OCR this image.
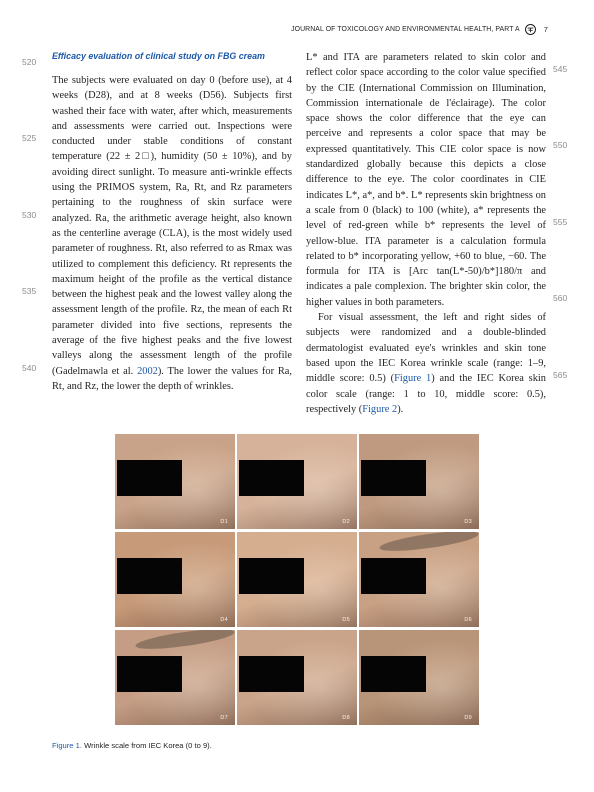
JOURNAL OF TOXICOLOGY AND ENVIRONMENTAL HEALTH, PART A	7
520
525
530
535
540
545
550
555
560
565
Efficacy evaluation of clinical study on FBG cream

The subjects were evaluated on day 0 (before use), at 4 weeks (D28), and at 8 weeks (D56). Subjects first washed their face with water, after which, measurements and assessments were carried out. Inspections were conducted under stable conditions of constant temperature (22 ± 2□), humidity (50 ± 10%), and by avoiding direct sunlight. To measure anti-wrinkle effects using the PRIMOS system, Ra, Rt, and Rz parameters pertaining to the roughness of skin surface were analyzed. Ra, the arithmetic average height, also known as the centerline average (CLA), is the most widely used parameter of roughness. Rt, also referred to as Rmax was utilized to complement this deficiency. Rt represents the maximum height of the profile as the vertical distance between the highest peak and the lowest valley along the assessment length of the profile. Rz, the mean of each Rt parameter divided into five sections, represents the average of the five highest peaks and the five lowest valleys along the assessment length of the profile (Gadelmawla et al. 2002). The lower the values for Ra, Rt, and Rz, the lower the depth of wrinkles.

L* and ITA are parameters related to skin color and reflect color space according to the color value specified by the CIE (International Commission on Illumination, Commission internationale de l'éclairage). The color space shows the color difference that the eye can perceive and represents a color space that may be expressed quantitatively. This CIE color space is now standardized globally because this depicts a close difference to the eye. The color coordinates in CIE indicates L*, a*, and b*. L* represents skin brightness on a scale from 0 (black) to 100 (white), a* represents the level of red-green while b* represents the level of yellow-blue. ITA parameter is a calculation formula related to b* incorporating yellow, +60 to blue, −60. The formula for ITA is [Arc tan(L*-50)/b*]180/π and indicates a pale complexion. The brighter skin color, the higher values in both parameters.

For visual assessment, the left and right sides of subjects were randomized and a double-blinded dermatologist evaluated eye's wrinkles and skin tone based upon the IEC Korea wrinkle scale (range: 1–9, middle score: 0.5) (Figure 1) and the IEC Korea skin color scale (range: 1 to 10, middle score: 0.5), respectively (Figure 2).

D1	D2	D3
D4	D5	D6
D7	D8	D9
Figure 1. Wrinkle scale from IEC Korea (0 to 9).
